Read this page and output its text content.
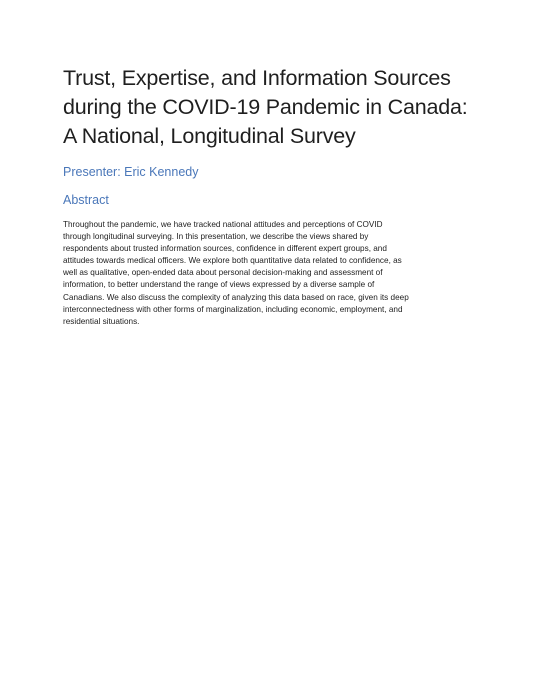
Trust, Expertise, and Information Sources
during the COVID-19 Pandemic in Canada:
A National, Longitudinal Survey

Presenter: Eric Kennedy

Abstract

Throughout the pandemic, we have tracked national attitudes and perceptions of COVID
through longitudinal surveying. In this presentation, we describe the views shared by
respondents about trusted information sources, confidence in different expert groups, and
attitudes towards medical officers. We explore both quantitative data related to confidence, as
well as qualitative, open-ended data about personal decision-making and assessment of
information, to better understand the range of views expressed by a diverse sample of
Canadians. We also discuss the complexity of analyzing this data based on race, given its deep
interconnectedness with other forms of marginalization, including economic, employment, and
residential situations.
